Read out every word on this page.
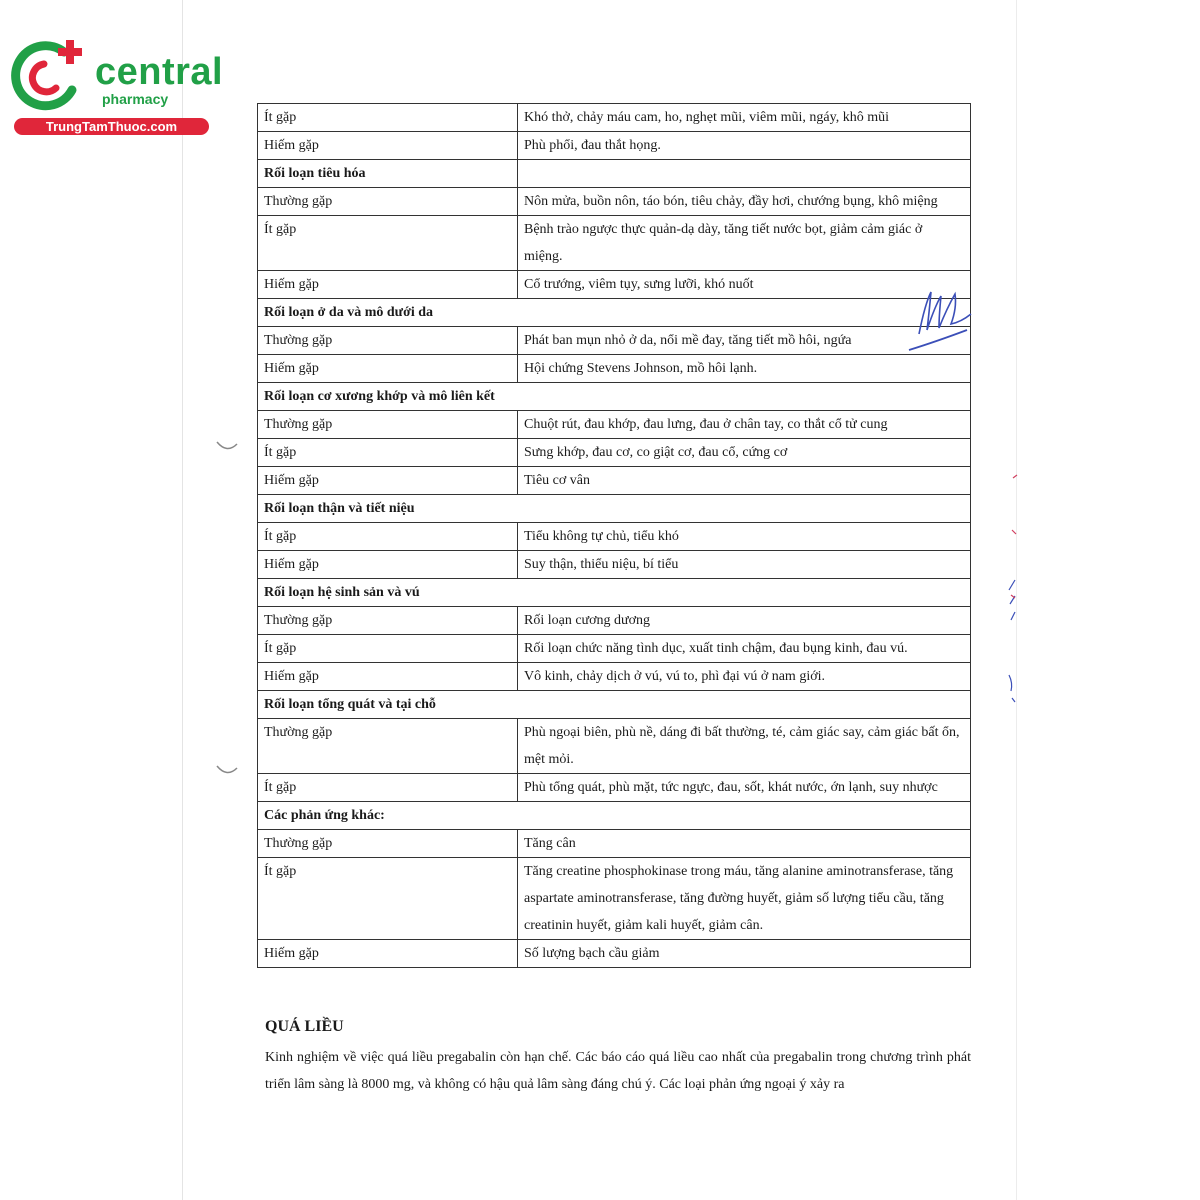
central
pharmacy
TrungTamThuoc.com
Ít gặp	Khó thở, chảy máu cam, ho, nghẹt mũi, viêm mũi, ngáy, khô mũi
Hiếm gặp	Phù phổi, đau thắt họng.
Rối loạn tiêu hóa	
Thường gặp	Nôn mửa, buồn nôn, táo bón, tiêu chảy, đầy hơi, chướng bụng, khô miệng
Ít gặp	Bệnh trào ngược thực quản-dạ dày, tăng tiết nước bọt, giảm cảm giác ở miệng.
Hiếm gặp	Cổ trướng, viêm tụy, sưng lưỡi, khó nuốt
Rối loạn ở da và mô dưới da	
Thường gặp	Phát ban mụn nhỏ ở da, nổi mề đay, tăng tiết mồ hôi, ngứa
Hiếm gặp	Hội chứng Stevens Johnson, mồ hôi lạnh.
Rối loạn cơ xương khớp và mô liên kết	
Thường gặp	Chuột rút, đau khớp, đau lưng, đau ở chân tay, co thắt cổ tử cung
Ít gặp	Sưng khớp, đau cơ, co giật cơ, đau cổ, cứng cơ
Hiếm gặp	Tiêu cơ vân
Rối loạn thận và tiết niệu	
Ít gặp	Tiểu không tự chủ, tiểu khó
Hiếm gặp	Suy thận, thiểu niệu, bí tiểu
Rối loạn hệ sinh sản và vú	
Thường gặp	Rối loạn cương dương
Ít gặp	Rối loạn chức năng tình dục, xuất tinh chậm, đau bụng kinh, đau vú.
Hiếm gặp	Vô kinh, chảy dịch ở vú, vú to, phì đại vú ở nam giới.
Rối loạn tổng quát và tại chỗ	
Thường gặp	Phù ngoại biên, phù nề, dáng đi bất thường, té, cảm giác say, cảm giác bất ổn, mệt mỏi.
Ít gặp	Phù tổng quát, phù mặt, tức ngực, đau, sốt, khát nước, ớn lạnh, suy nhược
Các phản ứng khác:	
Thường gặp	Tăng cân
Ít gặp	Tăng creatine phosphokinase trong máu, tăng alanine aminotransferase, tăng aspartate aminotransferase, tăng đường huyết, giảm số lượng tiểu cầu, tăng creatinin huyết, giảm kali huyết, giảm cân.
Hiếm gặp	Số lượng bạch cầu giảm
QUÁ LIỀU

Kinh nghiệm về việc quá liều pregabalin còn hạn chế. Các báo cáo quá liều cao nhất của pregabalin trong chương trình phát triển lâm sàng là 8000 mg, và không có hậu quả lâm sàng đáng chú ý. Các loại phản ứng ngoại ý xảy ra
